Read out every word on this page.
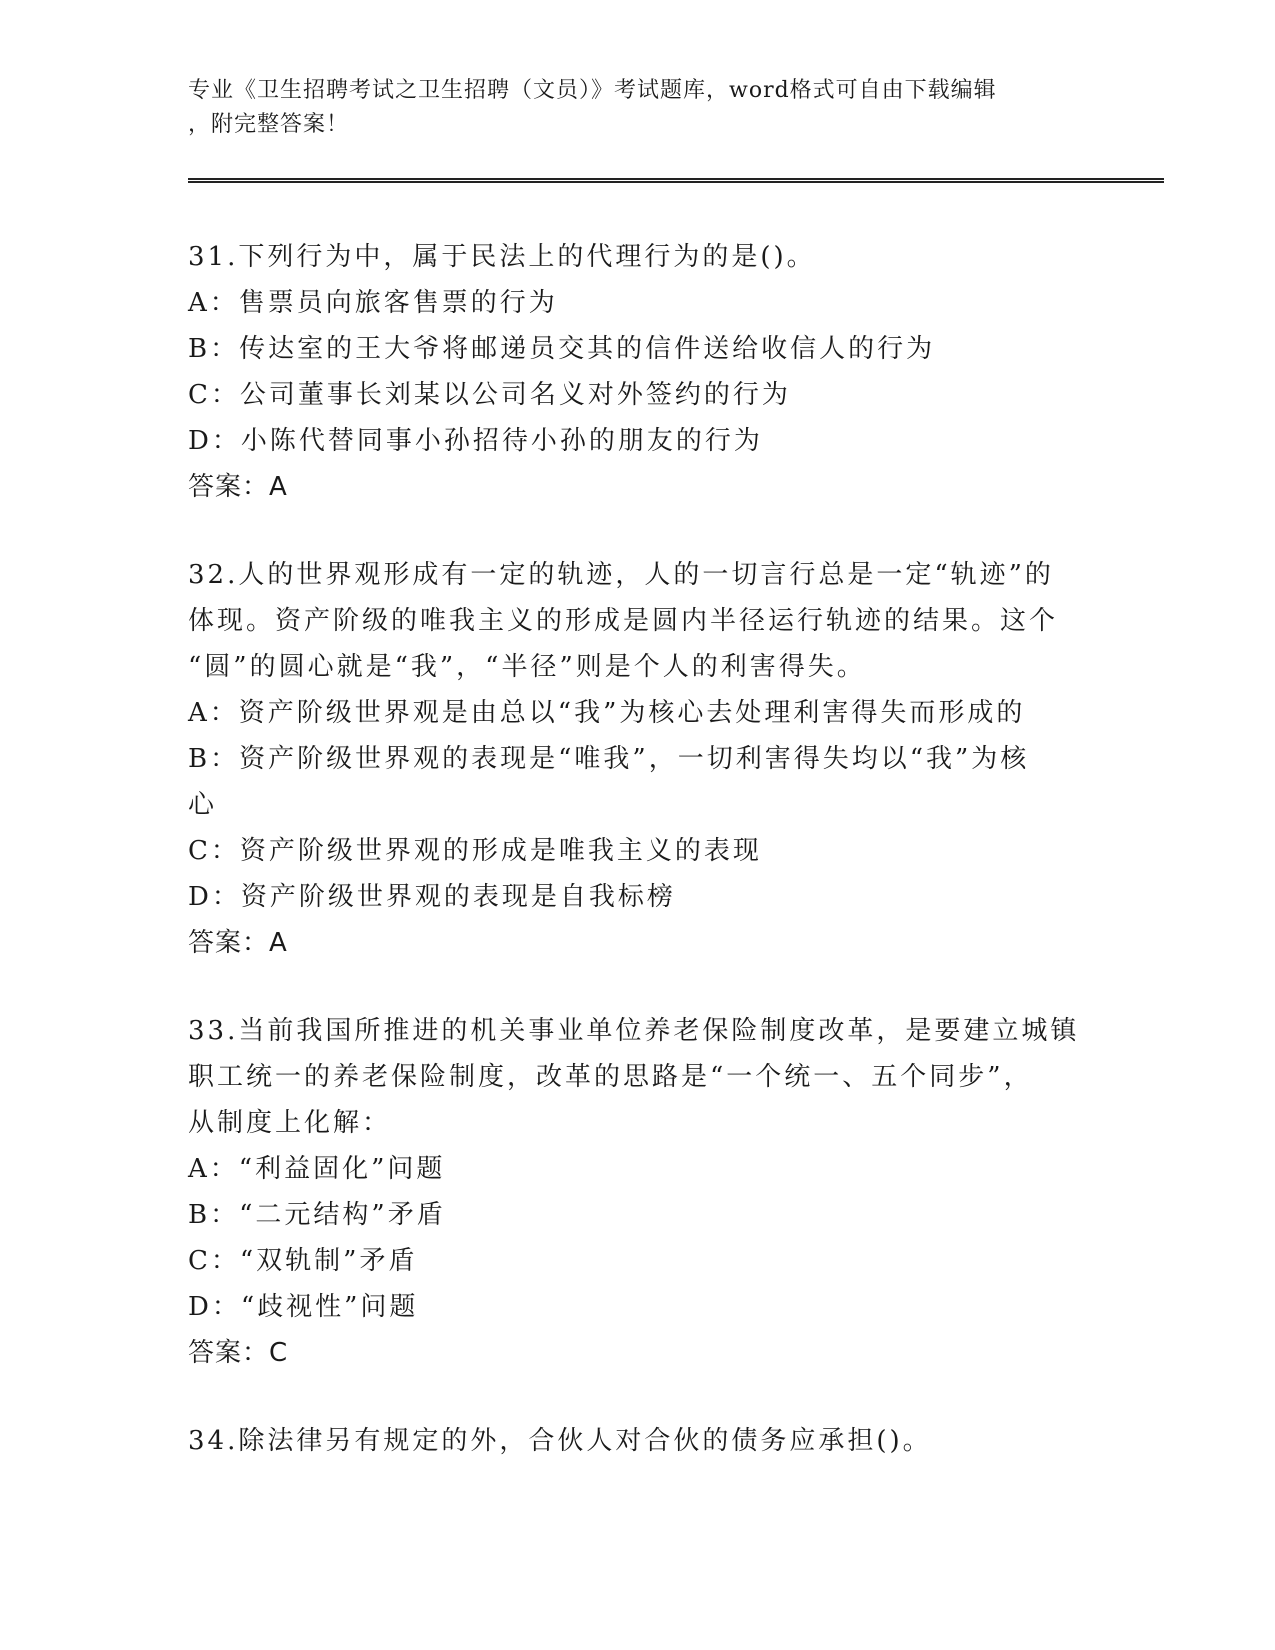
专业《卫生招聘考试之卫生招聘（文员）》考试题库，word格式可自由下载编辑
，附完整答案！
31.下列行为中，属于民法上的代理行为的是()。
A：售票员向旅客售票的行为
B：传达室的王大爷将邮递员交其的信件送给收信人的行为
C：公司董事长刘某以公司名义对外签约的行为
D：小陈代替同事小孙招待小孙的朋友的行为
答案：A
32.人的世界观形成有一定的轨迹，人的一切言行总是一定“轨迹”的
体现。资产阶级的唯我主义的形成是圆内半径运行轨迹的结果。这个
“圆”的圆心就是“我”，“半径”则是个人的利害得失。
A：资产阶级世界观是由总以“我”为核心去处理利害得失而形成的
B：资产阶级世界观的表现是“唯我”，一切利害得失均以“我”为核
心
C：资产阶级世界观的形成是唯我主义的表现
D：资产阶级世界观的表现是自我标榜
答案：A
33.当前我国所推进的机关事业单位养老保险制度改革，是要建立城镇
职工统一的养老保险制度，改革的思路是“一个统一、五个同步”，
从制度上化解：
A：“利益固化”问题
B：“二元结构”矛盾
C：“双轨制”矛盾
D：“歧视性”问题
答案：C
34.除法律另有规定的外，合伙人对合伙的债务应承担()。
